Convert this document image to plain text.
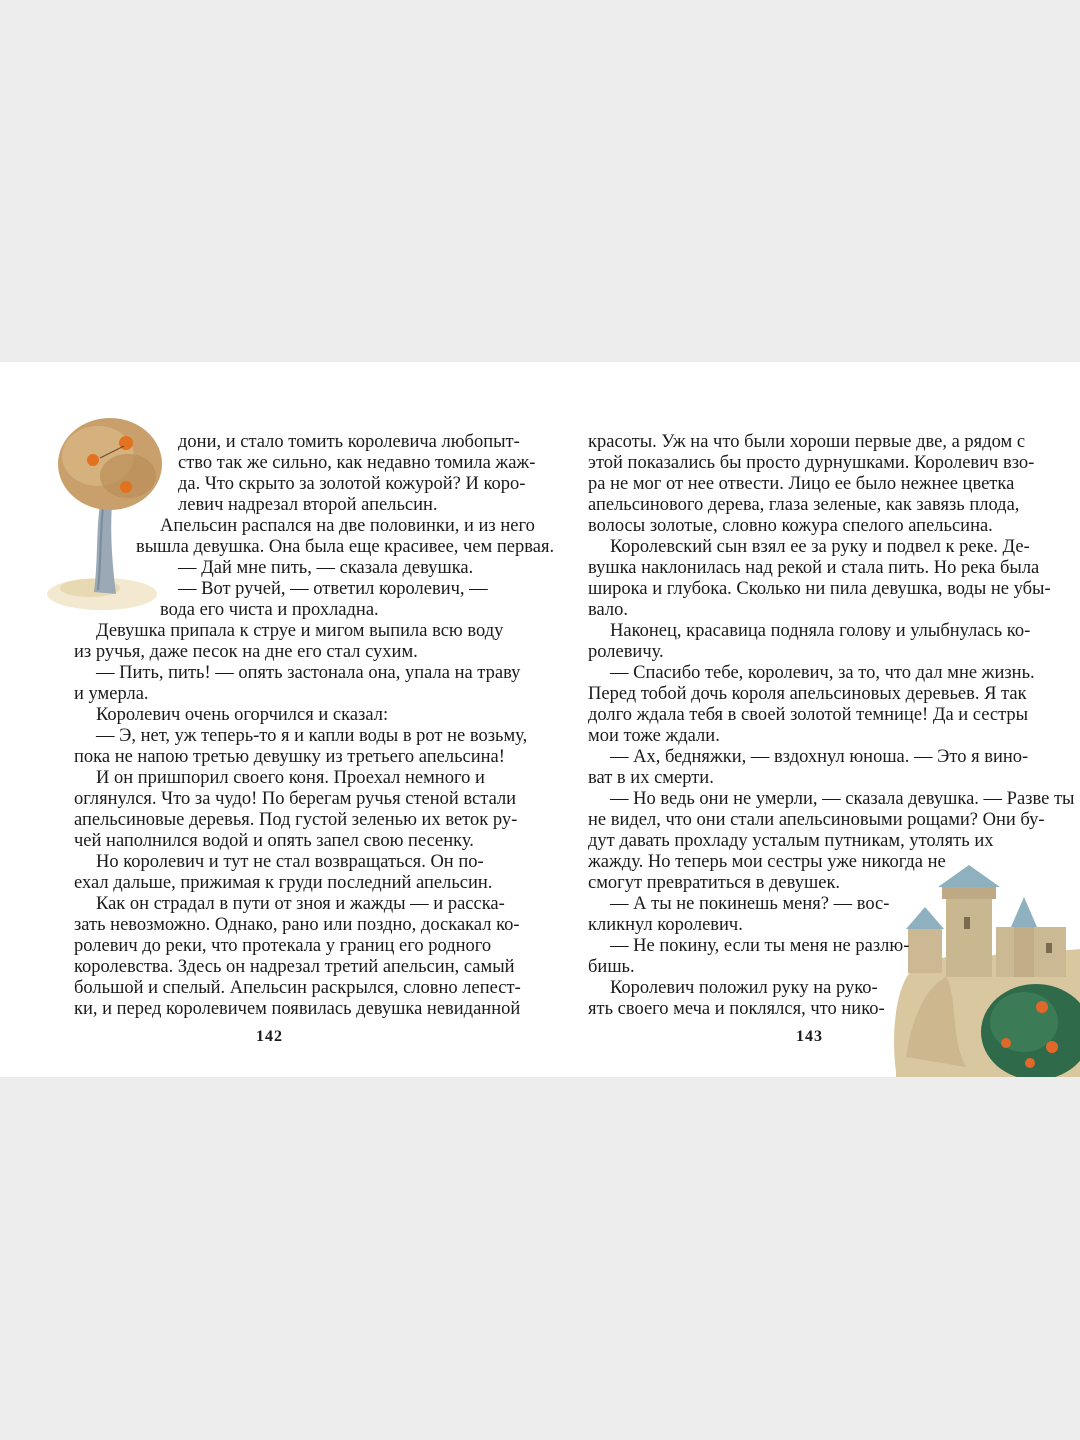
дони, и стало томить королевича любопыт-
ство так же сильно, как недавно томила жаж-
да. Что скрыто за золотой кожурой? И коро-
левич надрезал второй апельсин.
Апельсин распался на две половинки, и из него
вышла девушка. Она была еще красивее, чем первая.
— Дай мне пить, — сказала девушка.
— Вот ручей, — ответил королевич, —
вода его чиста и прохладна.
Девушка припала к струе и мигом выпила всю воду
из ручья, даже песок на дне его стал сухим.
— Пить, пить! — опять застонала она, упала на траву
и умерла.
Королевич очень огорчился и сказал:
— Э, нет, уж теперь-то я и капли воды в рот не возьму,
пока не напою третью девушку из третьего апельсина!
И он пришпорил своего коня. Проехал немного и
оглянулся. Что за чудо! По берегам ручья стеной встали
апельсиновые деревья. Под густой зеленью их веток ру-
чей наполнился водой и опять запел свою песенку.
Но королевич и тут не стал возвращаться. Он по-
ехал дальше, прижимая к груди последний апельсин.
Как он страдал в пути от зноя и жажды — и расска-
зать невозможно. Однако, рано или поздно, доскакал ко-
ролевич до реки, что протекала у границ его родного
королевства. Здесь он надрезал третий апельсин, самый
большой и спелый. Апельсин раскрылся, словно лепест-
ки, и перед королевичем появилась девушка невиданной
142
красоты. Уж на что были хороши первые две, а рядом с
этой показались бы просто дурнушками. Королевич взо-
ра не мог от нее отвести. Лицо ее было нежнее цветка
апельсинового дерева, глаза зеленые, как завязь плода,
волосы золотые, словно кожура спелого апельсина.
Королевский сын взял ее за руку и подвел к реке. Де-
вушка наклонилась над рекой и стала пить. Но река была
широка и глубока. Сколько ни пила девушка, воды не убы-
вало.
Наконец, красавица подняла голову и улыбнулась ко-
ролевичу.
— Спасибо тебе, королевич, за то, что дал мне жизнь.
Перед тобой дочь короля апельсиновых деревьев. Я так
долго ждала тебя в своей золотой темнице! Да и сестры
мои тоже ждали.
— Ах, бедняжки, — вздохнул юноша. — Это я вино-
ват в их смерти.
— Но ведь они не умерли, — сказала девушка. — Разве ты
не видел, что они стали апельсиновыми рощами? Они бу-
дут давать прохладу усталым путникам, утолять их
жажду. Но теперь мои сестры уже никогда не
смогут превратиться в девушек.
— А ты не покинешь меня? — вос-
кликнул королевич.
— Не покину, если ты меня не разлю-
бишь.
Королевич положил руку на руко-
ять своего меча и поклялся, что нико-
143
